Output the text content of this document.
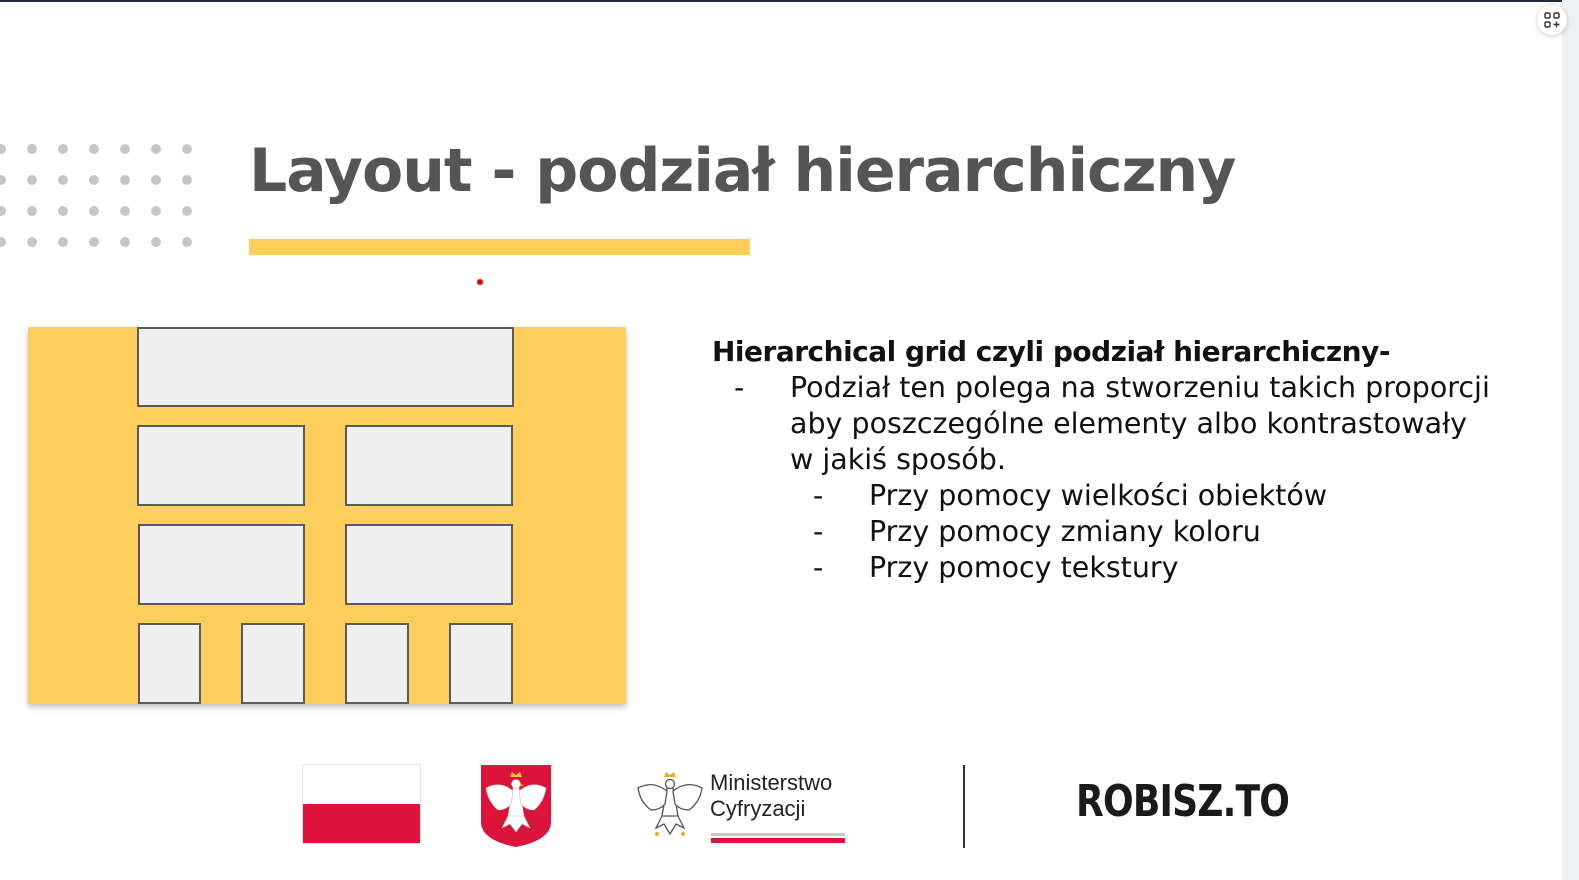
Layout - podział hierarchiczny
Hierarchical grid czyli podział hierarchiczny-
- Podział ten polega na stworzeniu takich proporcji aby poszczególne elementy albo kontrastowały w jakiś sposób.
- Przy pomocy wielkości obiektów
- Przy pomocy zmiany koloru
- Przy pomocy tekstury
Ministerstwo
Cyfryzacji	ROBISZ.TO
